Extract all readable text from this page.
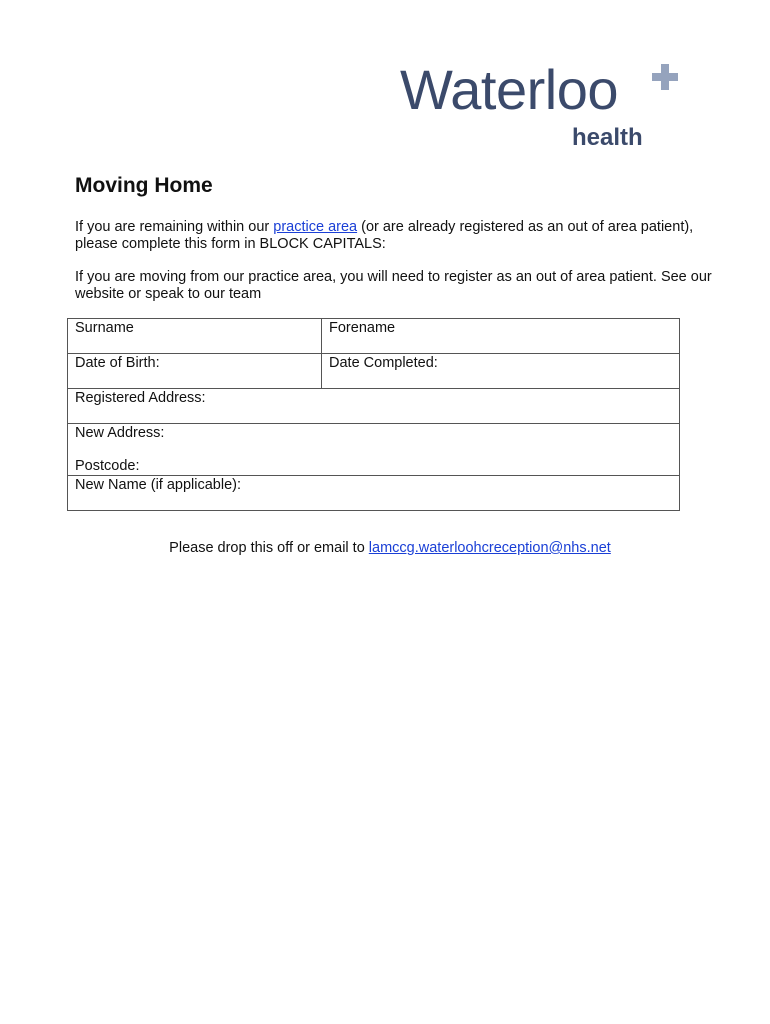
Waterloo
health
Moving Home

If you are remaining within our practice area (or are already registered as an out of area patient), please complete this form in BLOCK CAPITALS:

If you are moving from our practice area, you will need to register as an out of area patient. See our website or speak to our team

Surname	Forename

Date of Birth:	Date Completed:

Registered Address:	

New Address:
Postcode:	

New Name (if applicable):	
Please drop this off or email to lamccg.waterloohcreception@nhs.net
